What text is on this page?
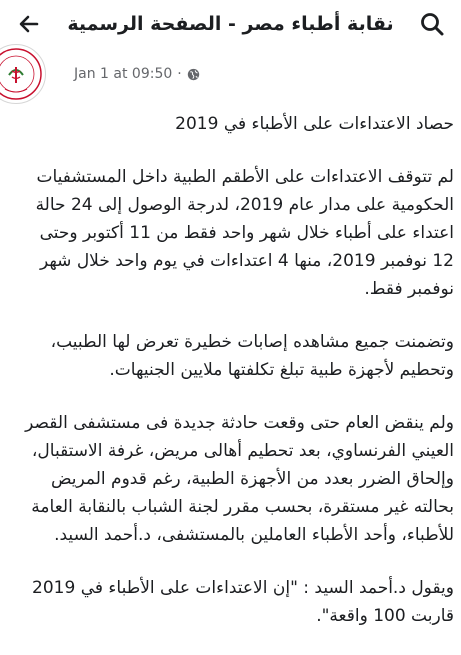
نقابة أطباء مصر - الصفحة الرسمية
Jan 1 at 09:50 ·

حصاد الاعتداءات على الأطباء في 2019

لم تتوقف الاعتداءات على الأطقم الطبية داخل المستشفيات الحكومية على مدار عام 2019، لدرجة الوصول إلى 24 حالة اعتداء على أطباء خلال شهر واحد فقط من 11 أكتوبر وحتى 12 نوفمبر 2019، منها 4 اعتداءات في يوم واحد خلال شهر نوفمبر فقط.

وتضمنت جميع مشاهده إصابات خطيرة تعرض لها الطبيب، وتحطيم لأجهزة طبية تبلغ تكلفتها ملايين الجنيهات.

ولم ينقض العام حتى وقعت حادثة جديدة فى مستشفى القصر العيني الفرنساوي، بعد تحطيم أهالى مريض، غرفة الاستقبال، وإلحاق الضرر بعدد من الأجهزة الطبية، رغم قدوم المريض بحالته غير مستقرة، بحسب مقرر لجنة الشباب بالنقابة العامة للأطباء، وأحد الأطباء العاملين بالمستشفى، د.أحمد السيد.

ويقول د.أحمد السيد : "إن الاعتداءات على الأطباء في 2019 قاربت 100 واقعة".
